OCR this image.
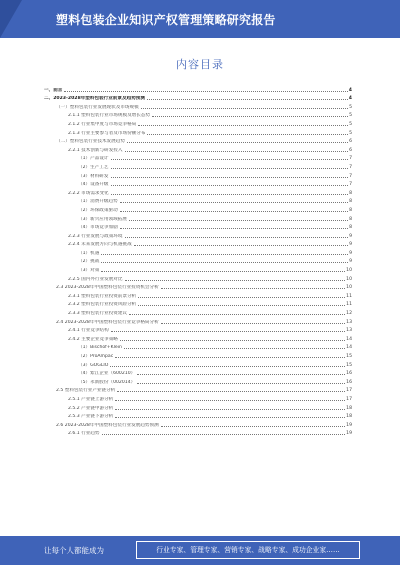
塑料包装企业知识产权管理策略研究报告
内容目录
一、前言	4
二、2023-2028年塑料包装行业前景及趋势预测	4
（一）塑料包装行业发展现状及市场规模	5
2.1.1 塑料包装行业市场规模及增长态势	5
2.1.2 行业集中度与市场竞争格局	5
2.1.3 行业主要参与者及市场份额分布	5
（二）塑料包装行业技术发展趋势	6
2.2.1 技术创新与研发投入	6
（1）产品设计	7
（2）生产工艺	7
（3）材料研发	7
（4）设备升级	7
2.2.2 市场需求变化	8
（1）消费升级趋势	8
（2）环保政策驱动	8
（3）新兴应用领域拓展	8
（4）市场竞争加剧	8
2.2.3 行业发展与政策环境	9
2.2.4 未来发展方向与机遇挑战	9
（1）机遇	9
（2）挑战	9
（3）对策	10
2.2.5 国内外行业发展对比	10
2.3 2023-2028年中国塑料包装行业投资机会分析	10
2.3.1 塑料包装行业投资前景分析	11
2.3.2 塑料包装行业投资风险分析	11
2.3.3 塑料包装行业投资建议	12
2.4 2023-2028年中国塑料包装行业竞争格局分析	13
2.4.1 行业竞争结构	13
2.4.2 主要企业竞争策略	14
（1）Bischof+Klein	14
（2）ProAmpac	15
（3）GOGLIO	15
（4）紫江企业（600210）	16
（5）永新股份（002014）	16
2.5 塑料包装行业产业链分析	17
2.5.1 产业链上游分析	17
2.5.2 产业链中游分析	18
2.5.3 产业链下游分析	18
2.6 2023-2028年中国塑料包装行业发展趋势预测	19
2.6.1 行业趋势	19
让每个人都能成为	行业专家、管理专家、营销专家、战略专家、成功企业家……
